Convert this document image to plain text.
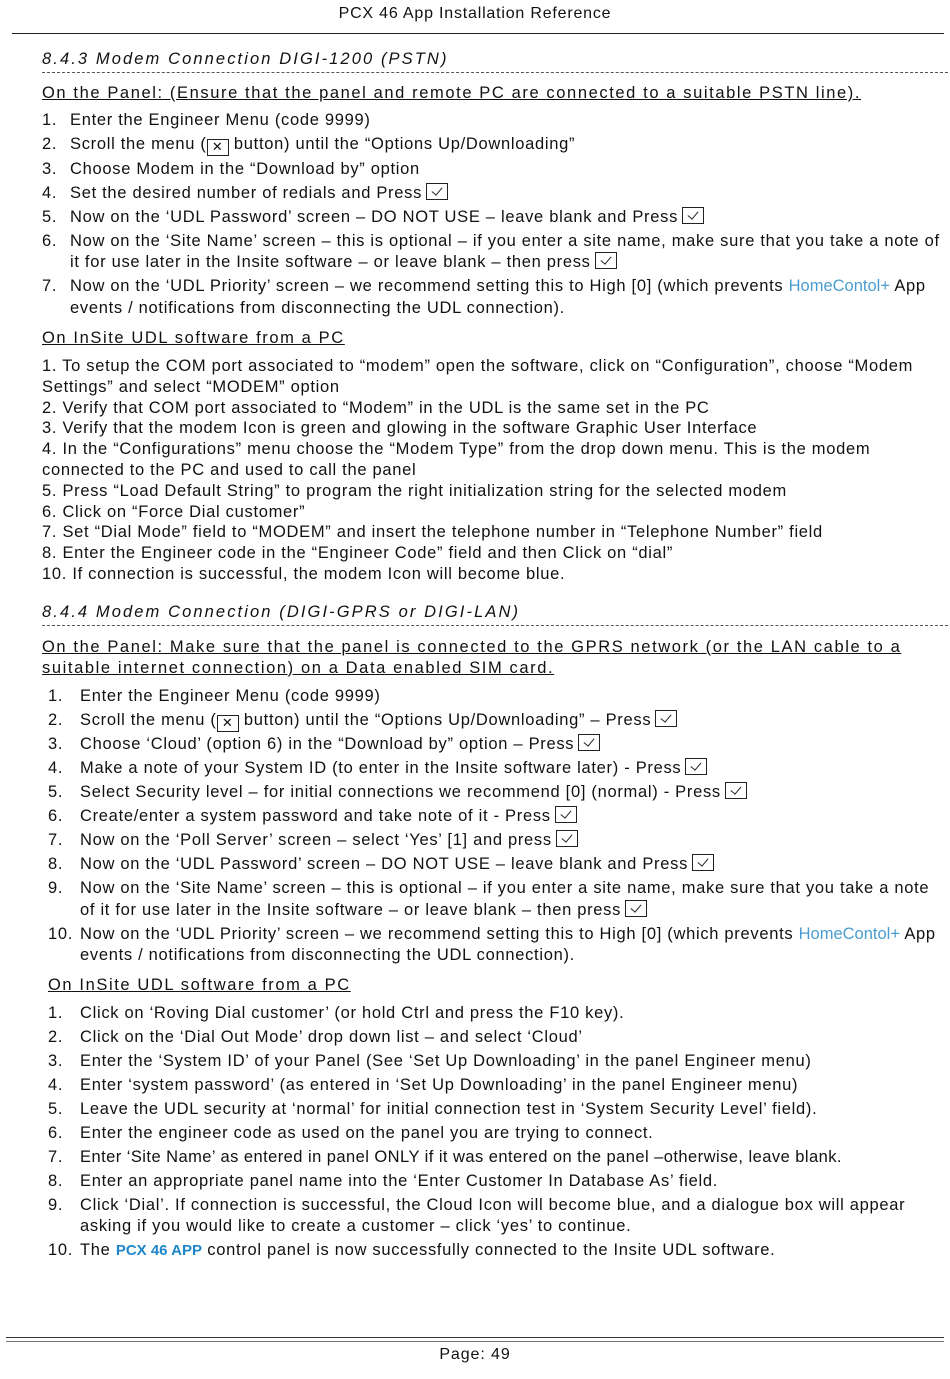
PCX 46 App Installation Reference
8.4.3 Modem Connection DIGI-1200 (PSTN)
On the Panel: (Ensure that the panel and remote PC are connected to a suitable PSTN line).
1. Enter the Engineer Menu (code 9999)
2. Scroll the menu ( ✕ button) until the “Options Up/Downloading”
3. Choose Modem in the “Download by” option
4. Set the desired number of redials and Press
5. Now on the ‘UDL Password’ screen – DO NOT USE – leave blank and Press
6. Now on the ‘Site Name’ screen – this is optional – if you enter a site name, make sure that you take a note of it for use later in the Insite software – or leave blank – then press
7. Now on the ‘UDL Priority’ screen – we recommend setting this to High [0] (which prevents HomeContol+ App events / notifications from disconnecting the UDL connection).
On InSite UDL software from a PC
1. To setup the COM port associated to “modem” open the software, click on “Configuration”, choose “Modem Settings” and select “MODEM” option
2. Verify that COM port associated to “Modem” in the UDL is the same set in the PC
3. Verify that the modem Icon is green and glowing in the software Graphic User Interface
4. In the “Configurations” menu choose the “Modem Type” from the drop down menu. This is the modem connected to the PC and used to call the panel
5. Press “Load Default String” to program the right initialization string for the selected modem
6. Click on “Force Dial customer”
7. Set “Dial Mode” field to “MODEM” and insert the telephone number in “Telephone Number” field
8. Enter the Engineer code in the “Engineer Code” field and then Click on “dial”
10. If connection is successful, the modem Icon will become blue.
8.4.4 Modem Connection (DIGI-GPRS or DIGI-LAN)
On the Panel: Make sure that the panel is connected to the GPRS network (or the LAN cable to a suitable internet connection) on a Data enabled SIM card.
1.	Enter the Engineer Menu (code 9999)
2.	Scroll the menu ( ✕ button) until the “Options Up/Downloading” – Press
3.	Choose ‘Cloud’ (option 6) in the “Download by” option – Press
4.	Make a note of your System ID (to enter in the Insite software later) - Press
5.	Select Security level – for initial connections we recommend [0] (normal) - Press
6.	Create/enter a system password and take note of it - Press
7.	Now on the ‘Poll Server’ screen – select ‘Yes’ [1] and press
8.	Now on the ‘UDL Password’ screen – DO NOT USE – leave blank and Press
9.	Now on the ‘Site Name’ screen – this is optional – if you enter a site name, make sure that you take a note of it for use later in the Insite software – or leave blank – then press
10. Now on the ‘UDL Priority’ screen – we recommend setting this to High [0] (which prevents HomeContol+ App events / notifications from disconnecting the UDL connection).
On InSite UDL software from a PC
1.	Click on ‘Roving Dial customer’ (or hold Ctrl and press the F10 key).
2.	Click on the ‘Dial Out Mode’ drop down list – and select ‘Cloud’
3.	Enter the ‘System ID’ of your Panel (See ‘Set Up Downloading’ in the panel Engineer menu)
4.	Enter ‘system password’ (as entered in ‘Set Up Downloading’ in the panel Engineer menu)
5.	Leave the UDL security at ‘normal’ for initial connection test in ‘System Security Level’ field).
6.	Enter the engineer code as used on the panel you are trying to connect.
7.	Enter ‘Site Name’ as entered in panel ONLY if it was entered on the panel –otherwise, leave blank.
8.	Enter an appropriate panel name into the ‘Enter Customer In Database As’ field.
9.	Click ‘Dial’. If connection is successful, the Cloud Icon will become blue, and a dialogue box will appear asking if you would like to create a customer – click ‘yes’ to continue.
10. The PCX 46 APP control panel is now successfully connected to the Insite UDL software.
Page: 49
